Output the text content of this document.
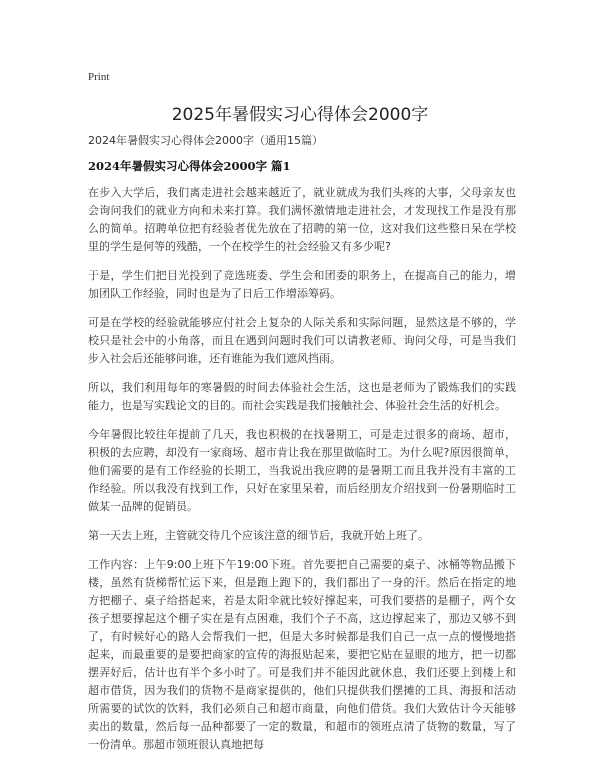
Print
2025年暑假实习心得体会2000字
2024年暑假实习心得体会2000字（通用15篇）
2024年暑假实习心得体会2000字 篇1

在步入大学后，我们离走进社会越来越近了，就业就成为我们头疼的大事，父母亲友也会询问我们的就业方向和未来打算。我们满怀激情地走进社会，才发现找工作是没有那么的简单。招聘单位把有经验者优先放在了招聘的第一位，这对我们这些整日呆在学校里的学生是何等的残酷，一个在校学生的社会经验又有多少呢?

于是，学生们把目光投到了竞选班委、学生会和团委的职务上，在提高自己的能力，增加团队工作经验，同时也是为了日后工作增添筹码。

可是在学校的经验就能够应付社会上复杂的人际关系和实际问题，显然这是不够的，学校只是社会中的小角落，而且在遇到问题时我们可以请教老师、询问父母，可是当我们步入社会后还能够问谁，还有谁能为我们遮风挡雨。

所以，我们利用每年的寒暑假的时间去体验社会生活，这也是老师为了锻炼我们的实践能力，也是写实践论文的目的。而社会实践是我们接触社会、体验社会生活的好机会。

今年暑假比较往年提前了几天，我也积极的在找暑期工，可是走过很多的商场、超市，积极的去应聘，却没有一家商场、超市肯让我在那里做临时工。为什么呢?原因很简单，他们需要的是有工作经验的长期工，当我说出我应聘的是暑期工而且我并没有丰富的工作经验。所以我没有找到工作，只好在家里呆着，而后经朋友介绍找到一份暑期临时工做某一品牌的促销员。

第一天去上班，主管就交待几个应该注意的细节后，我就开始上班了。

工作内容：上午9:00上班下午19:00下班。首先要把自己需要的桌子、冰桶等物品搬下楼，虽然有货梯帮忙运下来，但是跑上跑下的，我们都出了一身的汗。然后在指定的地方把棚子、桌子给搭起来，若是太阳伞就比较好撑起来，可我们要搭的是棚子，两个女孩子想要撑起这个棚子实在是有点困难，我们个子不高，这边撑起来了，那边又够不到了，有时候好心的路人会帮我们一把，但是大多时候都是我们自己一点一点的慢慢地搭起来，而最重要的是要把商家的宣传的海报贴起来，要把它贴在显眼的地方，把一切都摆弄好后，估计也有半个多小时了。可是我们并不能因此就休息，我们还要上到楼上和超市借货，因为我们的货物不是商家提供的，他们只提供我们摆摊的工具、海报和活动所需要的试饮的饮料，我们必须自己和超市商量，向他们借货。我们大致估计今天能够卖出的数量，然后每一品种都要了一定的数量，和超市的领班点清了货物的数量，写了一份清单。那超市领班很认真地把每
